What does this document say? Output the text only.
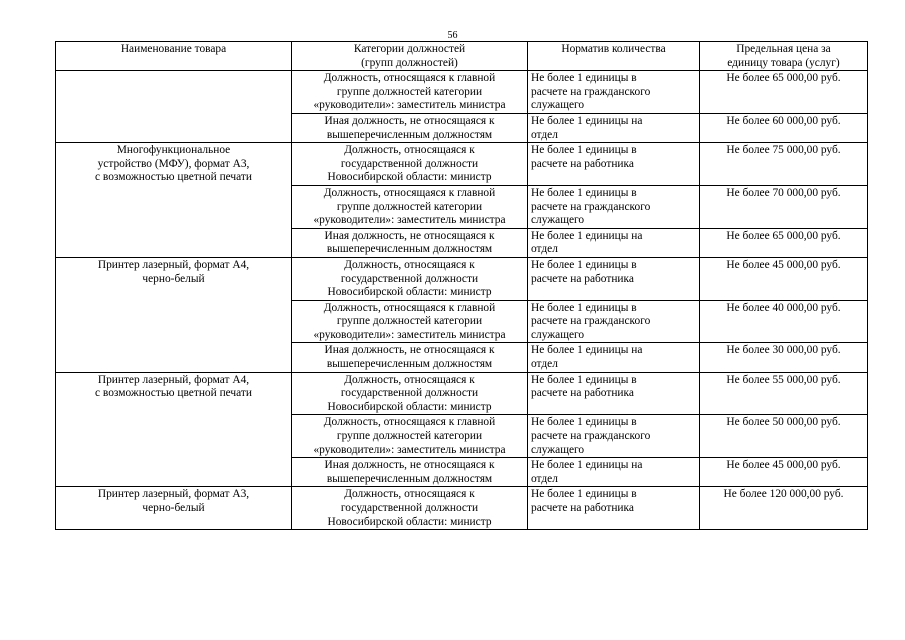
56
Наименование товара	Категории должностей
(групп должностей)	Норматив количества	Предельная цена за
единицу товара (услуг)

	Должность, относящаяся к главной
группе должностей категории
«руководители»: заместитель министра	Не более 1 единицы в
расчете на гражданского
служащего	Не более 65 000,00 руб.

	Иная должность, не относящаяся к
вышеперечисленным должностям	Не более 1 единицы на
отдел	Не более 60 000,00 руб.

Многофункциональное
устройство (МФУ), формат А3,
с возможностью цветной печати	Должность, относящаяся к
государственной должности
Новосибирской области: министр	Не более 1 единицы в
расчете на работника	Не более 75 000,00 руб.

	Должность, относящаяся к главной
группе должностей категории
«руководители»: заместитель министра	Не более 1 единицы в
расчете на гражданского
служащего	Не более 70 000,00 руб.

	Иная должность, не относящаяся к
вышеперечисленным должностям	Не более 1 единицы на
отдел	Не более 65 000,00 руб.

Принтер лазерный, формат А4,
черно-белый	Должность, относящаяся к
государственной должности
Новосибирской области: министр	Не более 1 единицы в
расчете на работника	Не более 45 000,00 руб.

	Должность, относящаяся к главной
группе должностей категории
«руководители»: заместитель министра	Не более 1 единицы в
расчете на гражданского
служащего	Не более 40 000,00 руб.

	Иная должность, не относящаяся к
вышеперечисленным должностям	Не более 1 единицы на
отдел	Не более 30 000,00 руб.

Принтер лазерный, формат А4,
с возможностью цветной печати	Должность, относящаяся к
государственной должности
Новосибирской области: министр	Не более 1 единицы в
расчете на работника	Не более 55 000,00 руб.

	Должность, относящаяся к главной
группе должностей категории
«руководители»: заместитель министра	Не более 1 единицы в
расчете на гражданского
служащего	Не более 50 000,00 руб.

	Иная должность, не относящаяся к
вышеперечисленным должностям	Не более 1 единицы на
отдел	Не более 45 000,00 руб.

Принтер лазерный, формат А3,
черно-белый	Должность, относящаяся к
государственной должности
Новосибирской области: министр	Не более 1 единицы в
расчете на работника	Не более 120 000,00 руб.
